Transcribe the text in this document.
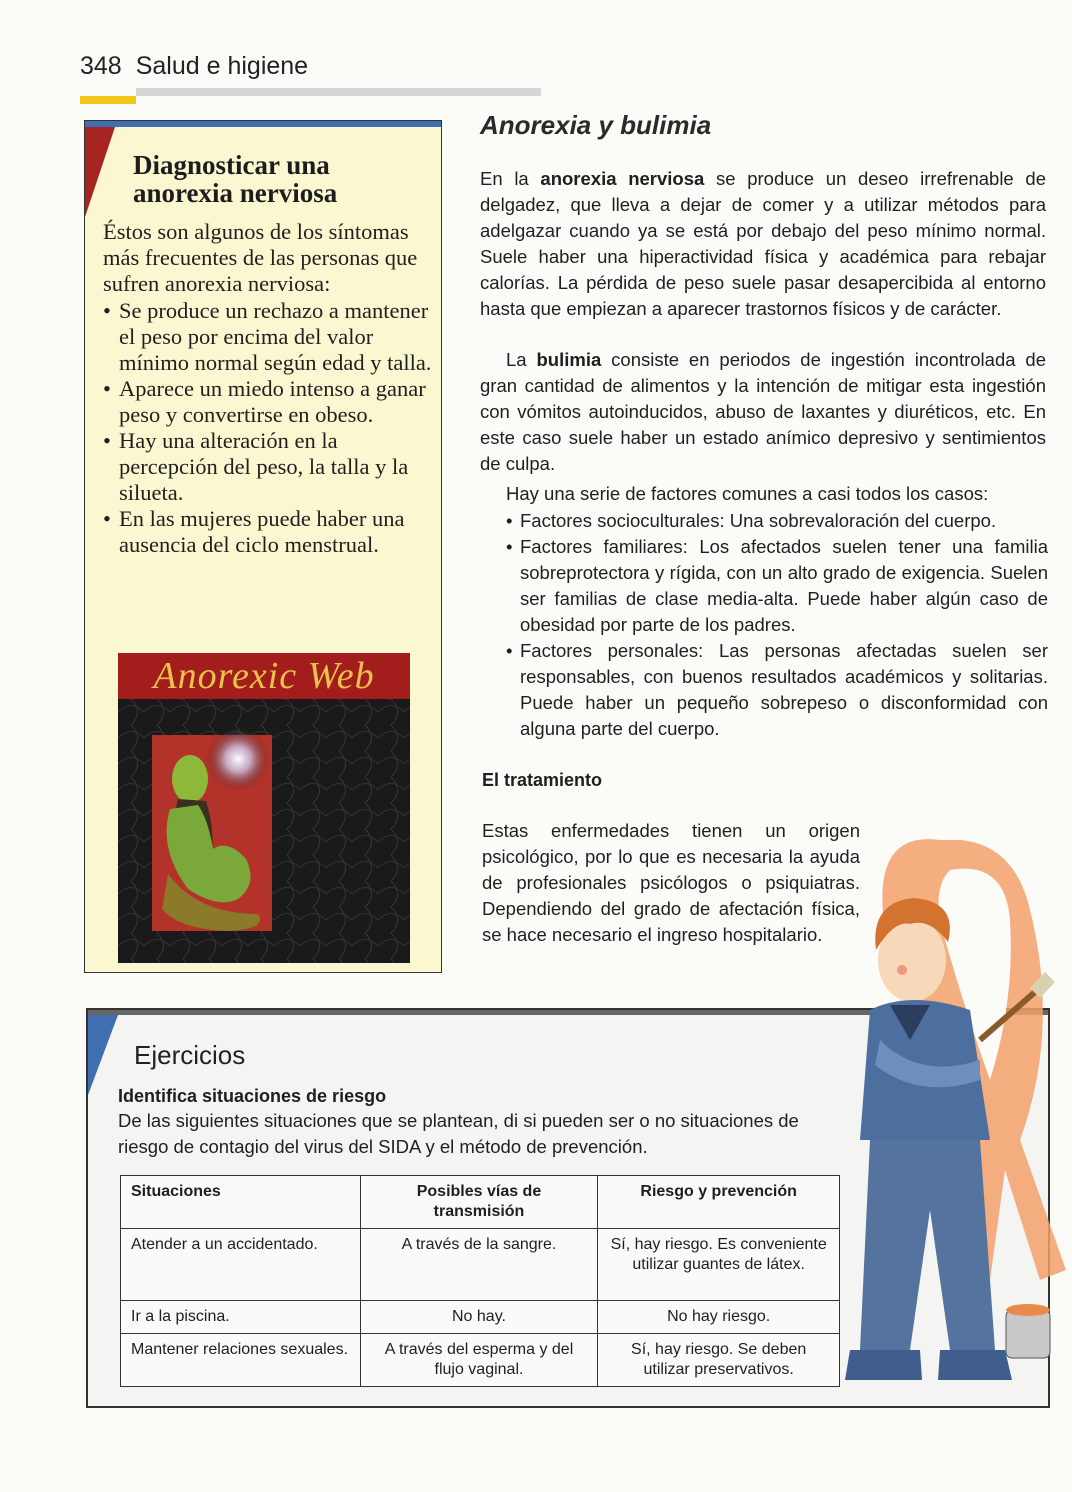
348 Salud e higiene
Diagnosticar una
anorexia nerviosa
Éstos son algunos de los síntomas más frecuentes de las personas que sufren anorexia nerviosa:
• Se produce un rechazo a mantener el peso por encima del valor mínimo normal según edad y talla.
• Aparece un miedo intenso a ganar peso y convertirse en obeso.
• Hay una alteración en la percepción del peso, la talla y la silueta.
• En las mujeres puede haber una ausencia del ciclo menstrual.
Anorexic Web
Anorexia y bulimia

En la anorexia nerviosa se produce un deseo irrefrenable de delgadez, que lleva a dejar de comer y a utilizar métodos para adelgazar cuando ya se está por debajo del peso mínimo normal. Suele haber una hiperactividad física y académica para rebajar calorías. La pérdida de peso suele pasar desapercibida al entorno hasta que empiezan a aparecer trastornos físicos y de carácter.

La bulimia consiste en periodos de ingestión incontrolada de gran cantidad de alimentos y la intención de mitigar esta ingestión con vómitos autoinducidos, abuso de laxantes y diuréticos, etc. En este caso suele haber un estado anímico depresivo y sentimientos de culpa.

Hay una serie de factores comunes a casi todos los casos:

• Factores socioculturales: Una sobrevaloración del cuerpo.
• Factores familiares: Los afectados suelen tener una familia sobreprotectora y rígida, con un alto grado de exigencia. Suelen ser familias de clase media-alta. Puede haber algún caso de obesidad por parte de los padres.
• Factores personales: Las personas afectadas suelen ser responsables, con buenos resultados académicos y solitarias. Puede haber un pequeño sobrepeso o disconformidad con alguna parte del cuerpo.
El tratamiento

Estas enfermedades tienen un origen psicológico, por lo que es necesaria la ayuda de profesionales psicólogos o psiquiatras. Dependiendo del grado de afectación física, se hace necesario el ingreso hospitalario.

Ejercicios
Identifica situaciones de riesgo

De las siguientes situaciones que se plantean, di si pueden ser o no situaciones de riesgo de contagio del virus del SIDA y el método de prevención.

Situaciones	Posibles vías de transmisión	Riesgo y prevención
Atender a un accidentado.	A través de la sangre.	Sí, hay riesgo. Es conveniente utilizar guantes de látex.
Ir a la piscina.	No hay.	No hay riesgo.
Mantener relaciones sexuales.	A través del esperma y del flujo vaginal.	Sí, hay riesgo. Se deben utilizar preservativos.
